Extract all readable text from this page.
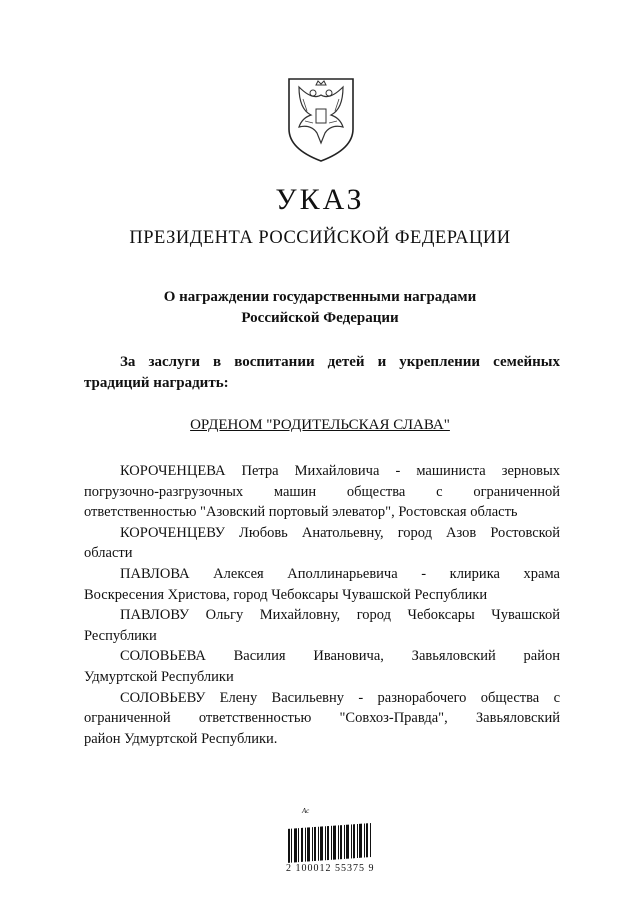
УКАЗ
ПРЕЗИДЕНТА РОССИЙСКОЙ ФЕДЕРАЦИИ
О награждении государственными наградами
Российской Федерации
За заслуги в воспитании детей и укреплении семейных
традиций наградить:
ОРДЕНОМ "РОДИТЕЛЬСКАЯ СЛАВА"
КОРОЧЕНЦЕВА Петра Михайловича - машиниста зерновых
погрузочно-разгрузочных машин общества с ограниченной
ответственностью "Азовский портовый элеватор", Ростовская область
КОРОЧЕНЦЕВУ Любовь Анатольевну, город Азов Ростовской
области
ПАВЛОВА Алексея Аполлинарьевича - клирика храма
Воскресения Христова, город Чебоксары Чувашской Республики
ПАВЛОВУ Ольгу Михайловну, город Чебоксары Чувашской
Республики
СОЛОВЬЕВА Василия Ивановича, Завьяловский район
Удмуртской Республики
СОЛОВЬЕВУ Елену Васильевну - разнорабочего общества с
ограниченной ответственностью "Совхоз-Правда", Завьяловский
район Удмуртской Республики.
Ас
2 100012 55375 9
